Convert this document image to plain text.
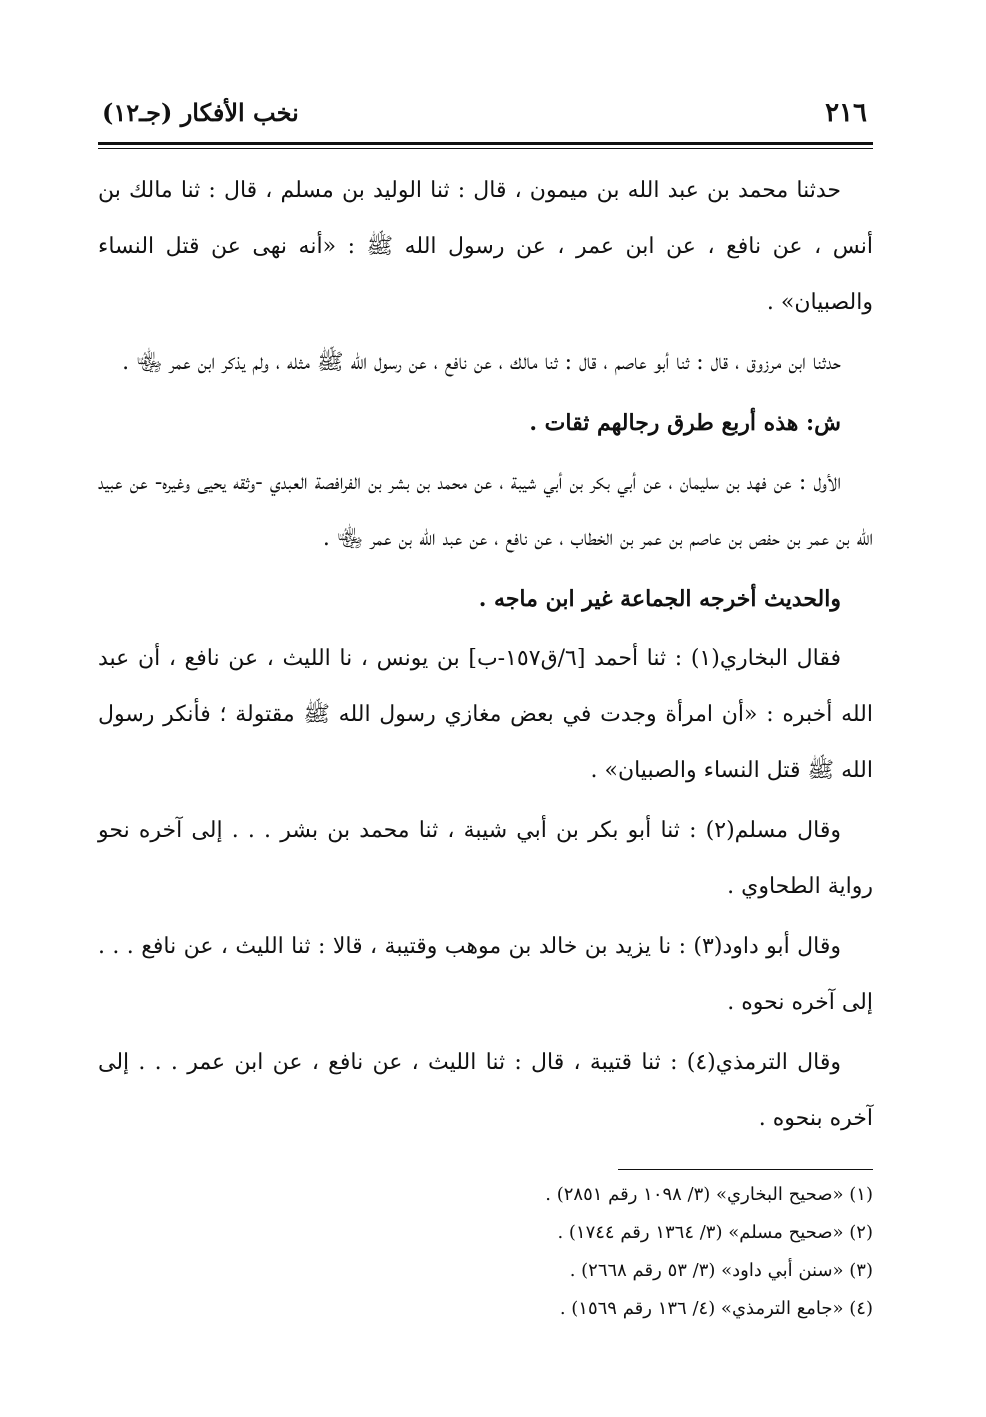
٢١٦
نخب الأفكار (جـ١٢)

حدثنا محمد بن عبد الله بن ميمون ، قال : ثنا الوليد بن مسلم ، قال : ثنا مالك بن أنس ، عن نافع ، عن ابن عمر ، عن رسول الله ﷺ : «أنه نهى عن قتل النساء والصبيان» .

حدثنا ابن مرزوق ، قال : ثنا أبو عاصم ، قال : ثنا مالك ، عن نافع ، عن رسول الله ﷺ مثله ، ولم يذكر ابن عمر ﵄ .

ش: هذه أربع طرق رجالهم ثقات .

الأول : عن فهد بن سليمان ، عن أبي بكر بن أبي شيبة ، عن محمد بن بشر بن الفرافصة العبدي -وثقه يحيى وغيره- عن عبيد الله بن عمر بن حفص بن عاصم بن عمر بن الخطاب ، عن نافع ، عن عبد الله بن عمر ﵄ .

والحديث أخرجه الجماعة غير ابن ماجه .

فقال البخاري(١) : ثنا أحمد [٦/ق١٥٧-ب] بن يونس ، نا الليث ، عن نافع ، أن عبد الله أخبره : «أن امرأة وجدت في بعض مغازي رسول الله ﷺ مقتولة ؛ فأنكر رسول الله ﷺ قتل النساء والصبيان» .

وقال مسلم(٢) : ثنا أبو بكر بن أبي شيبة ، ثنا محمد بن بشر . . . إلى آخره نحو رواية الطحاوي .

وقال أبو داود(٣) : نا يزيد بن خالد بن موهب وقتيبة ، قالا : ثنا الليث ، عن نافع . . . إلى آخره نحوه .

وقال الترمذي(٤) : ثنا قتيبة ، قال : ثنا الليث ، عن نافع ، عن ابن عمر . . . إلى آخره بنحوه .

(١) «صحيح البخاري» (٣/ ١٠٩٨ رقم ٢٨٥١) .

(٢) «صحيح مسلم» (٣/ ١٣٦٤ رقم ١٧٤٤) .

(٣) «سنن أبي داود» (٣/ ٥٣ رقم ٢٦٦٨) .

(٤) «جامع الترمذي» (٤/ ١٣٦ رقم ١٥٦٩) .
